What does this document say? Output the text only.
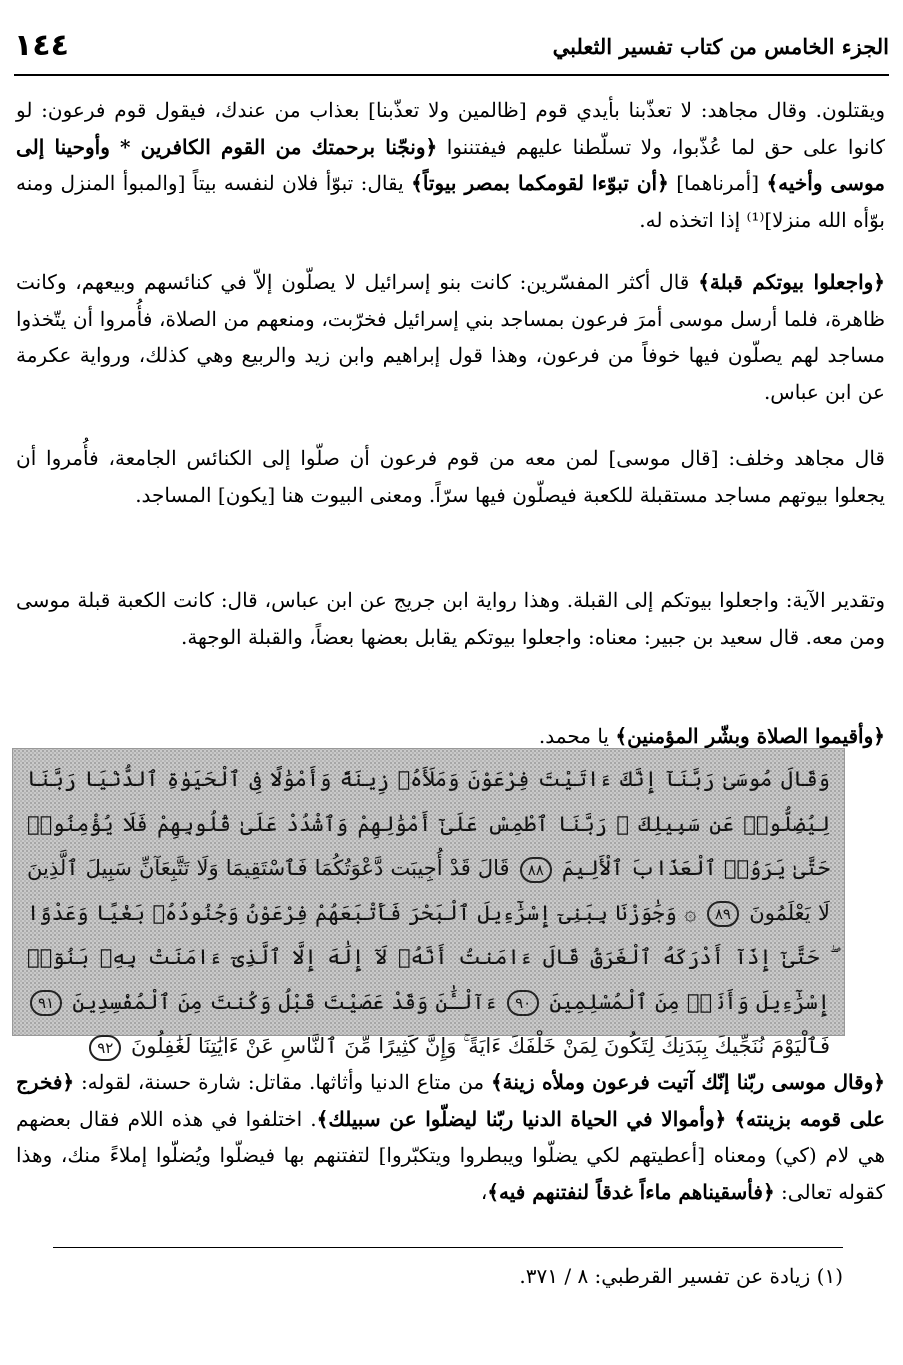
١٤٤	الجزء الخامس من كتاب تفسير الثعلبي

ويقتلون. وقال مجاهد: لا تعذّبنا بأيدي قوم [ظالمين ولا تعذّبنا] بعذاب من عندك، فيقول قوم فرعون: لو كانوا على حق لما عُذّبوا، ولا تسلّطنا عليهم فيفتننوا ﴿ونجّنا برحمتك من القوم الكافرين * وأوحينا إلى موسى وأخيه﴾ [أمرناهما] ﴿أن تبوّءا لقومكما بمصر بيوتاً﴾ يقال: تبوّأ فلان لنفسه بيتاً [والمبوأ المنزل ومنه بوّأه الله منزلا]⁽¹⁾ إذا اتخذه له.

﴿واجعلوا بيوتكم قبلة﴾ قال أكثر المفسّرين: كانت بنو إسرائيل لا يصلّون إلاّ في كنائسهم وبيعهم، وكانت ظاهرة، فلما أرسل موسى أمرَ فرعون بمساجد بني إسرائيل فخرّبت، ومنعهم من الصلاة، فأُمروا أن يتّخذوا مساجد لهم يصلّون فيها خوفاً من فرعون، وهذا قول إبراهيم وابن زيد والربيع وهي كذلك، ورواية عكرمة عن ابن عباس.

قال مجاهد وخلف: [قال موسى] لمن معه من قوم فرعون أن صلّوا إلى الكنائس الجامعة، فأُمروا أن يجعلوا بيوتهم مساجد مستقبلة للكعبة فيصلّون فيها سرّاً. ومعنى البيوت هنا [يكون] المساجد.

وتقدير الآية: واجعلوا بيوتكم إلى القبلة. وهذا رواية ابن جريج عن ابن عباس، قال: كانت الكعبة قبلة موسى ومن معه. قال سعيد بن جبير: معناه: واجعلوا بيوتكم يقابل بعضها بعضاً، والقبلة الوجهة.

﴿وأقيموا الصلاة وبشّر المؤمنين﴾ يا محمد.

وَقَالَ مُوسَىٰ رَبَّنَآ إِنَّكَ ءَاتَيْتَ فِرْعَوْنَ وَمَلَأَهُۥ زِينَةً وَأَمْوَٰلًا فِى ٱلْحَيَوٰةِ ٱلدُّنْيَا رَبَّنَا لِيُضِلُّوا۟ عَن سَبِيلِكَ ۖ رَبَّنَا ٱطْمِسْ عَلَىٰٓ أَمْوَٰلِهِمْ وَٱشْدُدْ عَلَىٰ قُلُوبِهِمْ فَلَا يُؤْمِنُوا۟ حَتَّىٰ يَرَوُا۟ ٱلْعَذَابَ ٱلْأَلِيمَ ٨٨ قَالَ قَدْ أُجِيبَت دَّعْوَتُكُمَا فَٱسْتَقِيمَا وَلَا تَتَّبِعَآنِّ سَبِيلَ ٱلَّذِينَ لَا يَعْلَمُونَ ٨٩ ۞ وَجَٰوَزْنَا بِبَنِىٓ إِسْرَٰٓءِيلَ ٱلْبَحْرَ فَأَتْبَعَهُمْ فِرْعَوْنُ وَجُنُودُهُۥ بَغْيًا وَعَدْوًا ۖ حَتَّىٰٓ إِذَآ أَدْرَكَهُ ٱلْغَرَقُ قَالَ ءَامَنتُ أَنَّهُۥ لَآ إِلَٰهَ إِلَّا ٱلَّذِىٓ ءَامَنَتْ بِهِۦ بَنُوٓا۟ إِسْرَٰٓءِيلَ وَأَنَا۠ مِنَ ٱلْمُسْلِمِينَ ٩٠ ءَآلْـَٰٔنَ وَقَدْ عَصَيْتَ قَبْلُ وَكُنتَ مِنَ ٱلْمُفْسِدِينَ ٩١ فَٱلْيَوْمَ نُنَجِّيكَ بِبَدَنِكَ لِتَكُونَ لِمَنْ خَلْفَكَ ءَايَةً ۚ وَإِنَّ كَثِيرًا مِّنَ ٱلنَّاسِ عَنْ ءَايَٰتِنَا لَغَٰفِلُونَ ٩٢

﴿وقال موسى ربّنا إنّك آتيت فرعون وملأه زينة﴾ من متاع الدنيا وأثاثها. مقاتل: شارة حسنة، لقوله: ﴿فخرج على قومه بزينته﴾ ﴿وأموالا في الحياة الدنيا ربّنا ليضلّوا عن سبيلك﴾. اختلفوا في هذه اللام فقال بعضهم هي لام (كي) ومعناه [أعطيتهم لكي يضلّوا ويبطروا ويتكبّروا] لتفتنهم بها فيضلّوا ويُضلّوا إملاءً منك، وهذا كقوله تعالى: ﴿فأسقيناهم ماءاً غدقاً لنفتنهم فيه﴾،

(١) زيادة عن تفسير القرطبي: ٨ / ٣٧١.
